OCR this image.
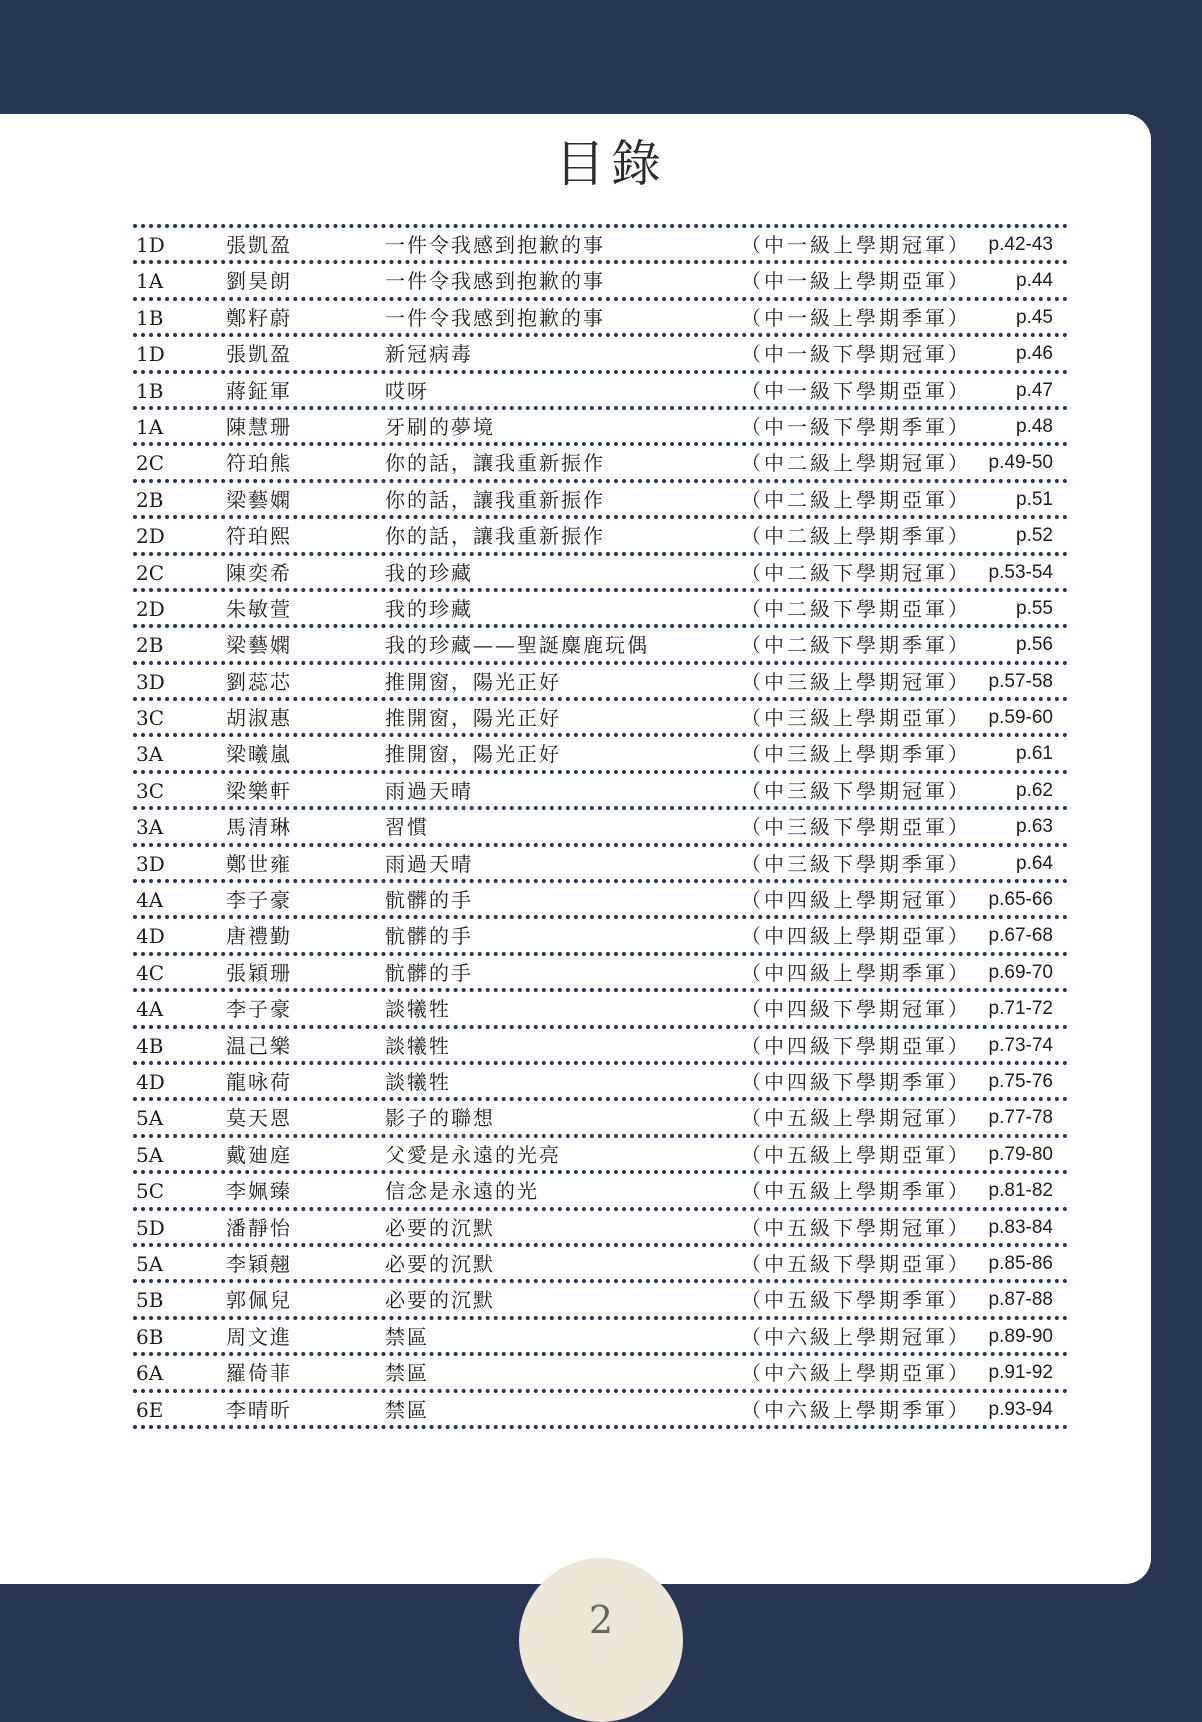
目錄
1D	張凱盈	一件令我感到抱歉的事	（中一級上學期冠軍） p.42-43
1A	劉昊朗	一件令我感到抱歉的事	（中一級上學期亞軍） p.44
1B	鄭籽蔚	一件令我感到抱歉的事	（中一級上學期季軍） p.45
1D	張凱盈	新冠病毒	（中一級下學期冠軍） p.46
1B	蔣鉦軍	哎呀	（中一級下學期亞軍） p.47
1A	陳慧珊	牙刷的夢境	（中一級下學期季軍） p.48
2C	符珀熊	你的話，讓我重新振作	（中二級上學期冠軍） p.49-50
2B	梁藝嫻	你的話，讓我重新振作	（中二級上學期亞軍） p.51
2D	符珀熙	你的話，讓我重新振作	（中二級上學期季軍） p.52
2C	陳奕希	我的珍藏	（中二級下學期冠軍） p.53-54
2D	朱敏萱	我的珍藏	（中二級下學期亞軍） p.55
2B	梁藝嫻	我的珍藏——聖誕麋鹿玩偶	（中二級下學期季軍） p.56
3D	劉蕊芯	推開窗，陽光正好	（中三級上學期冠軍） p.57-58
3C	胡淑惠	推開窗，陽光正好	（中三級上學期亞軍） p.59-60
3A	梁曦嵐	推開窗，陽光正好	（中三級上學期季軍） p.61
3C	梁樂軒	雨過天晴	（中三級下學期冠軍） p.62
3A	馬清琳	習慣	（中三級下學期亞軍） p.63
3D	鄭世雍	雨過天晴	（中三級下學期季軍） p.64
4A	李子豪	骯髒的手	（中四級上學期冠軍） p.65-66
4D	唐禮勤	骯髒的手	（中四級上學期亞軍） p.67-68
4C	張穎珊	骯髒的手	（中四級上學期季軍） p.69-70
4A	李子豪	談犧牲	（中四級下學期冠軍） p.71-72
4B	温己樂	談犧牲	（中四級下學期亞軍） p.73-74
4D	龍咏荷	談犧牲	（中四級下學期季軍） p.75-76
5A	莫天恩	影子的聯想	（中五級上學期冠軍） p.77-78
5A	戴廸庭	父愛是永遠的光亮	（中五級上學期亞軍） p.79-80
5C	李姵臻	信念是永遠的光	（中五級上學期季軍） p.81-82
5D	潘靜怡	必要的沉默	（中五級下學期冠軍） p.83-84
5A	李穎翹	必要的沉默	（中五級下學期亞軍） p.85-86
5B	郭佩兒	必要的沉默	（中五級下學期季軍） p.87-88
6B	周文進	禁區	（中六級上學期冠軍） p.89-90
6A	羅倚菲	禁區	（中六級上學期亞軍） p.91-92
6E	李晴昕	禁區	（中六級上學期季軍） p.93-94
2
